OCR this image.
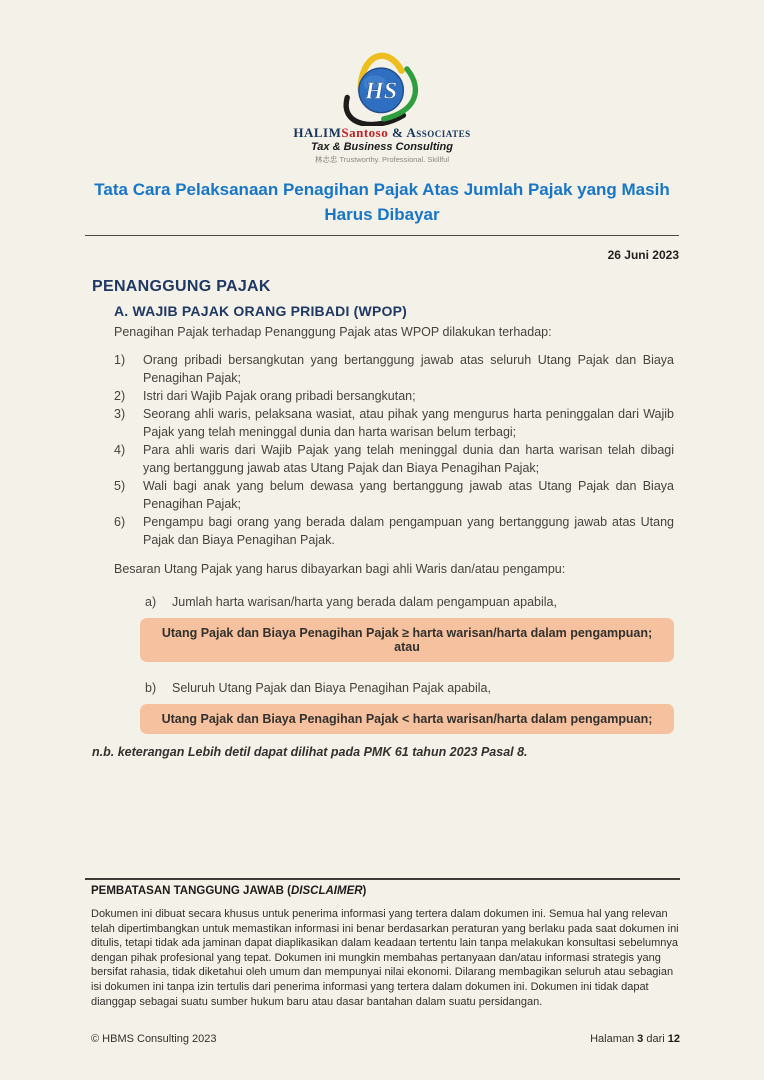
HS
HALIMSantoso & Associates
Tax & Business Consulting
林志忠 Trustworthy. Professional. Skillful
Tata Cara Pelaksanaan Penagihan Pajak Atas Jumlah Pajak yang Masih Harus Dibayar
26 Juni 2023
PENANGGUNG PAJAK
A. WAJIB PAJAK ORANG PRIBADI (WPOP)
Penagihan Pajak terhadap Penanggung Pajak atas WPOP dilakukan terhadap:
1)	Orang pribadi bersangkutan yang bertanggung jawab atas seluruh Utang Pajak dan Biaya Penagihan Pajak;
2)	Istri dari Wajib Pajak orang pribadi bersangkutan;
3)	Seorang ahli waris, pelaksana wasiat, atau pihak yang mengurus harta peninggalan dari Wajib Pajak yang telah meninggal dunia dan harta warisan belum terbagi;
4)	Para ahli waris dari Wajib Pajak yang telah meninggal dunia dan harta warisan telah dibagi yang bertanggung jawab atas Utang Pajak dan Biaya Penagihan Pajak;
5)	Wali bagi anak yang belum dewasa yang bertanggung jawab atas Utang Pajak dan Biaya Penagihan Pajak;
6)	Pengampu bagi orang yang berada dalam pengampuan yang bertanggung jawab atas Utang Pajak dan Biaya Penagihan Pajak.
Besaran Utang Pajak yang harus dibayarkan bagi ahli Waris dan/atau pengampu:
a)	Jumlah harta warisan/harta yang berada dalam pengampuan apabila,
Utang Pajak dan Biaya Penagihan Pajak ≥ harta warisan/harta dalam pengampuan; atau
b)	Seluruh Utang Pajak dan Biaya Penagihan Pajak apabila,
Utang Pajak dan Biaya Penagihan Pajak < harta warisan/harta dalam pengampuan;
n.b. keterangan Lebih detil dapat dilihat pada PMK 61 tahun 2023 Pasal 8.
PEMBATASAN TANGGUNG JAWAB (DISCLAIMER)
Dokumen ini dibuat secara khusus untuk penerima informasi yang tertera dalam dokumen ini. Semua hal yang relevan telah dipertimbangkan untuk memastikan informasi ini benar berdasarkan peraturan yang berlaku pada saat dokumen ini ditulis, tetapi tidak ada jaminan dapat diaplikasikan dalam keadaan tertentu lain tanpa melakukan konsultasi sebelumnya dengan pihak profesional yang tepat. Dokumen ini mungkin membahas pertanyaan dan/atau informasi strategis yang bersifat rahasia, tidak diketahui oleh umum dan mempunyai nilai ekonomi. Dilarang membagikan seluruh atau sebagian isi dokumen ini tanpa izin tertulis dari penerima informasi yang tertera dalam dokumen ini. Dokumen ini tidak dapat dianggap sebagai suatu sumber hukum baru atau dasar bantahan dalam suatu persidangan.
© HBMS Consulting 2023	Halaman 3 dari 12
